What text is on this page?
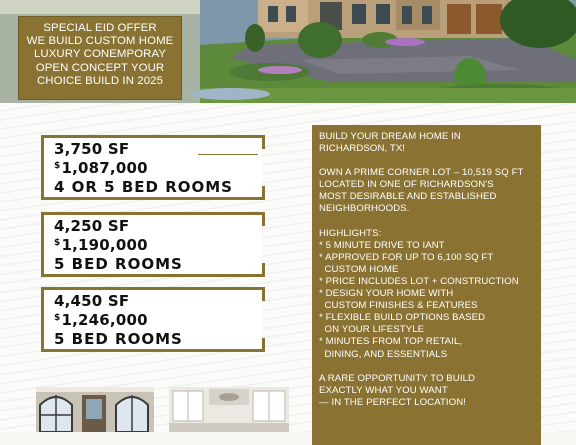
SPECIAL EID OFFER
WE BUILD CUSTOM HOME
LUXURY CONEMPORAY
OPEN CONCEPT YOUR
CHOICE BUILD IN 2025
3,750 SF
$1,087,000
4 OR 5 BED ROOMS
4,250 SF
$1,190,000
5 BED ROOMS
4,450 SF
$1,246,000
5 BED ROOMS

BUILD YOUR DREAM HOME IN
RICHARDSON, TX!

OWN A PRIME CORNER LOT – 10,519 SQ FT
LOCATED IN ONE OF RICHARDSON'S
MOST DESIRABLE AND ESTABLISHED
NEIGHBORHOODS.

HIGHLIGHTS:

* 5 MINUTE DRIVE TO IANT

* APPROVED FOR UP TO 6,100 SQ FT
CUSTOM HOME

* PRICE INCLUDES LOT + CONSTRUCTION

* DESIGN YOUR HOME WITH
CUSTOM FINISHES & FEATURES

* FLEXIBLE BUILD OPTIONS BASED
ON YOUR LIFESTYLE

* MINUTES FROM TOP RETAIL,
DINING, AND ESSENTIALS

A RARE OPPORTUNITY TO BUILD
EXACTLY WHAT YOU WANT
— IN THE PERFECT LOCATION!
